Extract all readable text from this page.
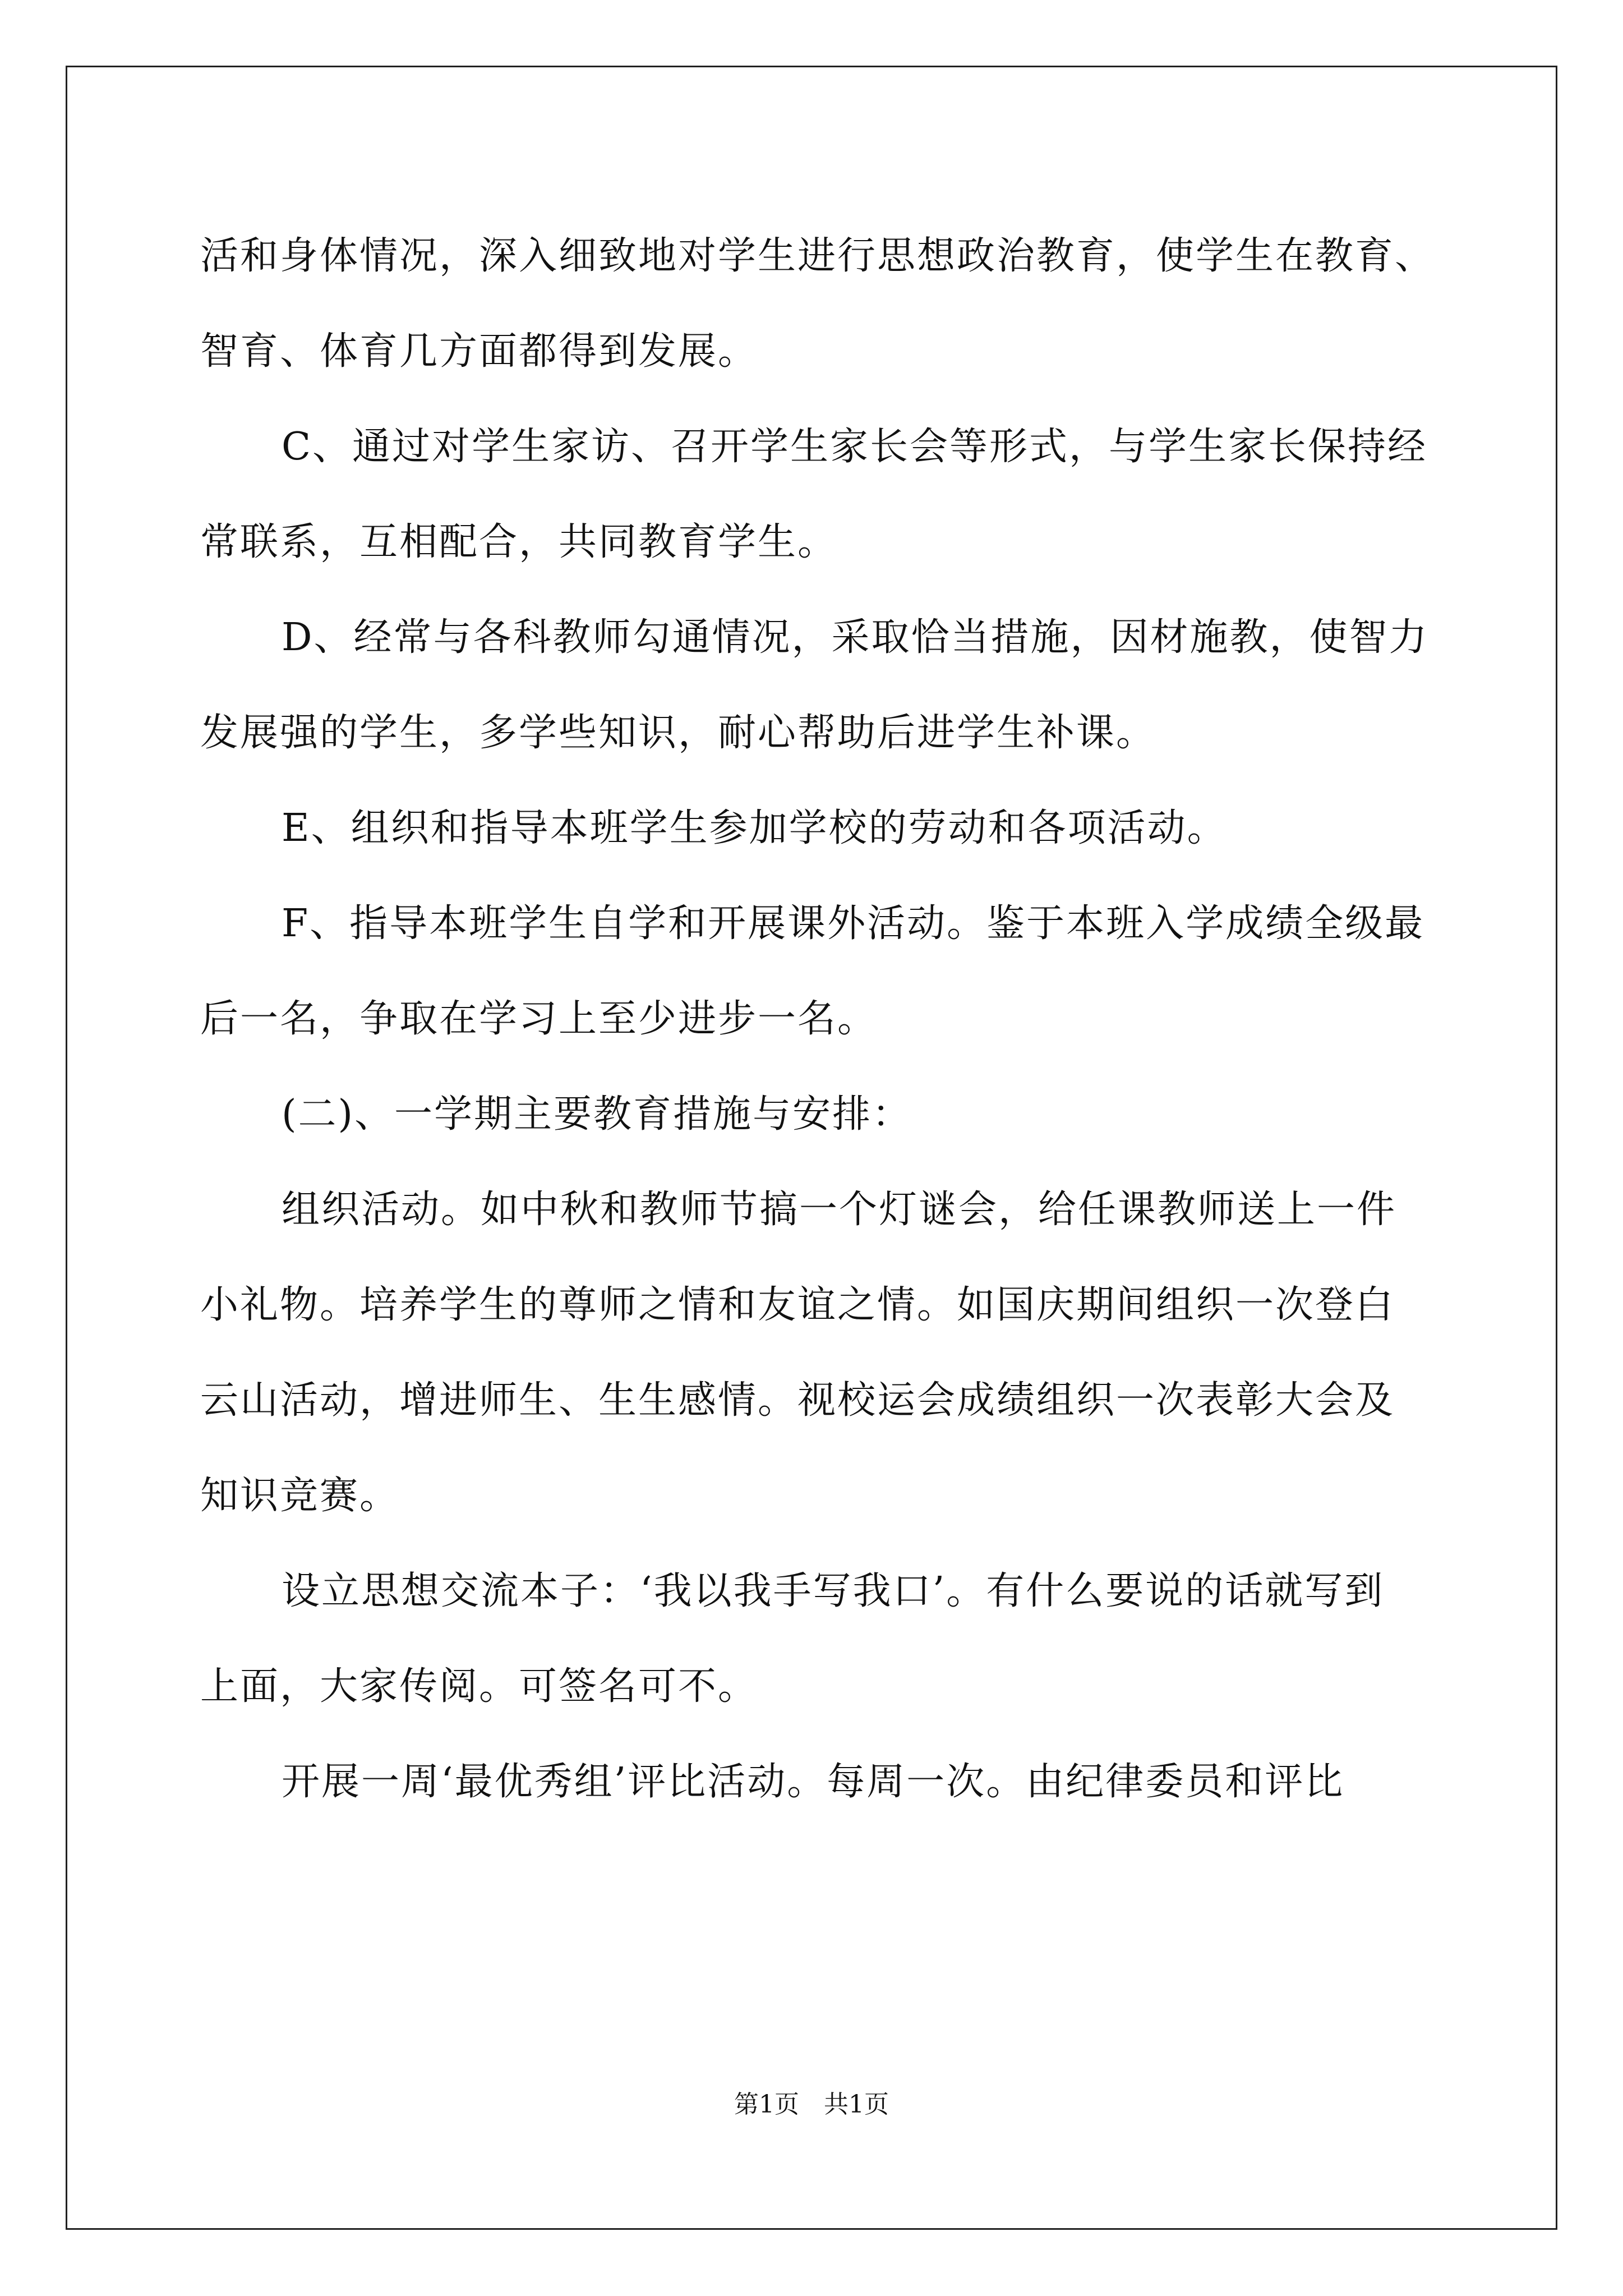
活和身体情况，深入细致地对学生进行思想政治教育，使学生在教育、

智育、体育几方面都得到发展。

C、通过对学生家访、召开学生家长会等形式，与学生家长保持经

常联系，互相配合，共同教育学生。

D、经常与各科教师勾通情况，采取恰当措施，因材施教，使智力

发展强的学生，多学些知识，耐心帮助后进学生补课。

E、组织和指导本班学生参加学校的劳动和各项活动。

F、指导本班学生自学和开展课外活动。鉴于本班入学成绩全级最

后一名，争取在学习上至少进步一名。

(二)、一学期主要教育措施与安排：

组织活动。如中秋和教师节搞一个灯谜会，给任课教师送上一件

小礼物。培养学生的尊师之情和友谊之情。如国庆期间组织一次登白

云山活动，增进师生、生生感情。视校运会成绩组织一次表彰大会及

知识竞赛。

设立思想交流本子：‘我以我手写我口’。有什么要说的话就写到

上面，大家传阅。可签名可不。

开展一周‘最优秀组’评比活动。每周一次。由纪律委员和评比

第1页　共1页
